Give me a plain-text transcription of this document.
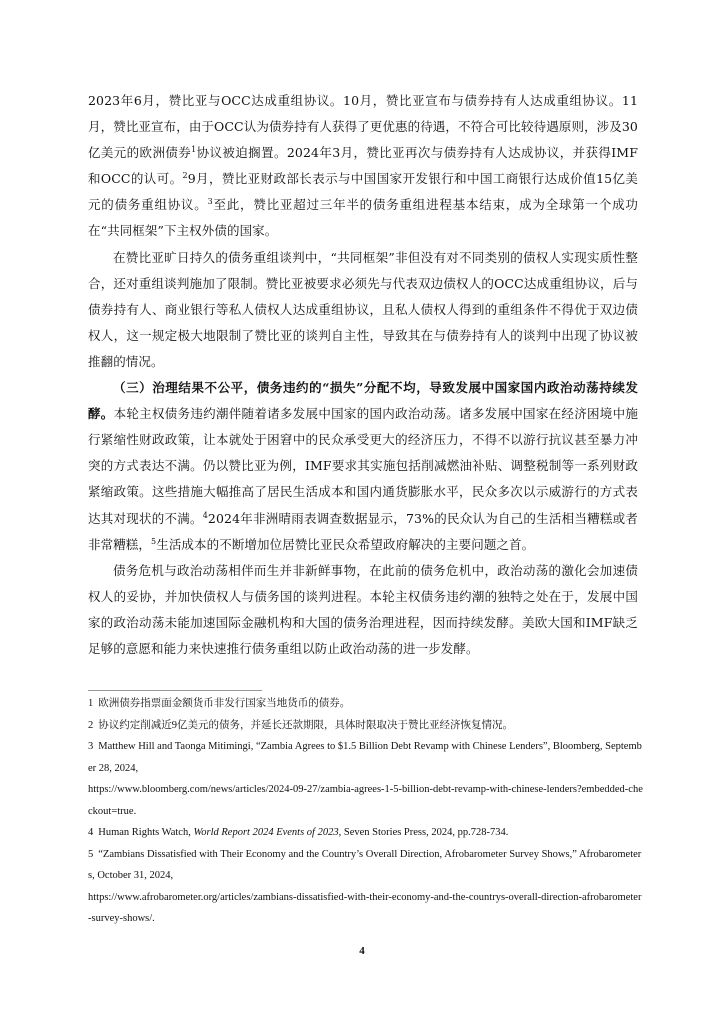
2023年6月，赞比亚与OCC达成重组协议。10月，赞比亚宣布与债券持有人达成重组协议。11月，赞比亚宣布，由于OCC认为债券持有人获得了更优惠的待遇，不符合可比较待遇原则，涉及30亿美元的欧洲债券$^1$协议被迫搁置。2024年3月，赞比亚再次与债券持有人达成协议，并获得IMF和OCC的认可。$^2$9月，赞比亚财政部长表示与中国国家开发银行和中国工商银行达成价值15亿美元的债务重组协议。$^3$至此，赞比亚超过三年半的债务重组进程基本结束，成为全球第一个成功在“共同框架”下主权外债的国家。

在赞比亚旷日持久的债务重组谈判中，“共同框架”非但没有对不同类别的债权人实现实质性整合，还对重组谈判施加了限制。赞比亚被要求必须先与代表双边债权人的OCC达成重组协议，后与债券持有人、商业银行等私人债权人达成重组协议，且私人债权人得到的重组条件不得优于双边债权人，这一规定极大地限制了赞比亚的谈判自主性，导致其在与债券持有人的谈判中出现了协议被推翻的情况。

（三）治理结果不公平，债务违约的“损失”分配不均，导致发展中国家国内政治动荡持续发酵。本轮主权债务违约潮伴随着诸多发展中国家的国内政治动荡。诸多发展中国家在经济困境中施行紧缩性财政政策，让本就处于困窘中的民众承受更大的经济压力，不得不以游行抗议甚至暴力冲突的方式表达不满。仍以赞比亚为例，IMF要求其实施包括削减燃油补贴、调整税制等一系列财政紧缩政策。这些措施大幅推高了居民生活成本和国内通货膨胀水平，民众多次以示威游行的方式表达其对现状的不满。$^4$2024年非洲晴雨表调查数据显示，73%的民众认为自己的生活相当糟糕或者非常糟糕，$^5$生活成本的不断增加位居赞比亚民众希望政府解决的主要问题之首。

债务危机与政治动荡相伴而生并非新鲜事物，在此前的债务危机中，政治动荡的激化会加速债权人的妥协，并加快债权人与债务国的谈判进程。本轮主权债务违约潮的独特之处在于，发展中国家的政治动荡未能加速国际金融机构和大国的债务治理进程，因而持续发酵。美欧大国和IMF缺乏足够的意愿和能力来快速推行债务重组以防止政治动荡的进一步发酵。

1 欧洲债券指票面金额货币非发行国家当地货币的债券。

2 协议约定削减近9亿美元的债务，并延长还款期限，具体时限取决于赞比亚经济恢复情况。

3 Matthew Hill and Taonga Mitimingi, “Zambia Agrees to $1.5 Billion Debt Revamp with Chinese Lenders”, Bloomberg, September 28, 2024,

https://www.bloomberg.com/news/articles/2024-09-27/zambia-agrees-1-5-billion-debt-revamp-with-chinese-lenders?embedded-checkout=true.

4 Human Rights Watch, World Report 2024 Events of 2023, Seven Stories Press, 2024, pp.728-734.

5 “Zambians Dissatisfied with Their Economy and the Country’s Overall Direction, Afrobarometer Survey Shows,” Afrobarometers, October 31, 2024,

https://www.afrobarometer.org/articles/zambians-dissatisfied-with-their-economy-and-the-countrys-overall-direction-afrobarometer-survey-shows/.

4
